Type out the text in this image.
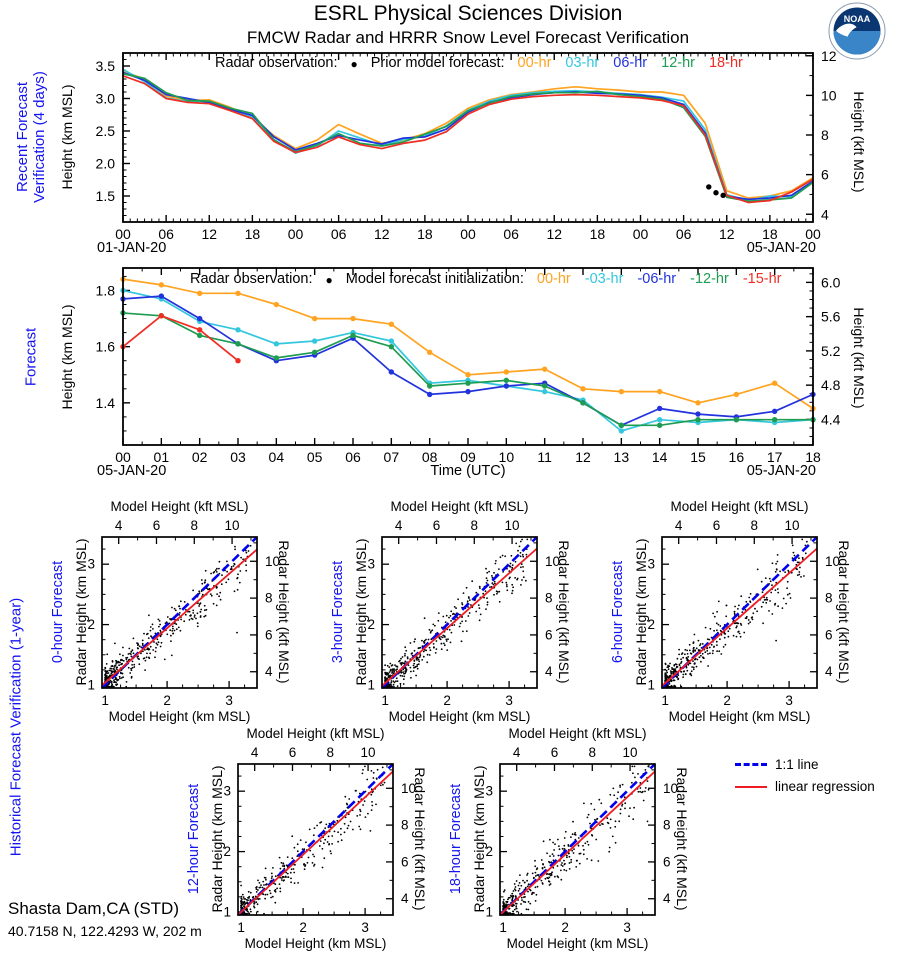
ESRL Physical Sciences Division
FMCW Radar and HRRR Snow Level Forecast Verification
NOAA
00 06 12 18 00 06 12 18 00 06 12 18 00 06 12 18 00
1.5
2.0
2.5
3.0
3.5
4
6
8
10
12
Radar observation: ● Prior model forecast: 00-hr 03-hr 06-hr 12-hr 18-hr
Recent Forecast
Verification (4 days) Height (km MSL)	Height (kft MSL)
01-JAN-20	05-JAN-20
00 01 02 03 04 05 06 07 08 09 10 11 12 13 14 15 16 17 18
1.4
1.6
1.8
4.4
4.8
5.2
5.6
6.0
Radar observation: ● Model forecast initialization: 00-hr -03-hr -06-hr -12-hr -15-hr
Forecast Height (km MSL)	Height (kft MSL)
05-JAN-20	Time (UTC)	05-JAN-20
Historical Forecast Verification (1-year)	1
1
2
2
3
3
4
4
6
6
8
8
10
10
Model Height (kft MSL)
Model Height (km MSL)
0-hour Forecast Radar Height (km MSL)	Radar Height (kft MSL)
1
1
2
2
3
3
4
4
6
6
8
8
10
10
Model Height (kft MSL)
Model Height (km MSL)
3-hour Forecast Radar Height (km MSL)	Radar Height (kft MSL)
1
1
2
2
3
3
4
4
6
6
8
8
10
10
Model Height (kft MSL)
Model Height (km MSL)
6-hour Forecast Radar Height (km MSL)	Radar Height (kft MSL)
1
1
2
2
3
3
4
4
6
6
8
8
10
10
Model Height (kft MSL)
Model Height (km MSL)
12-hour Forecast Radar Height (km MSL)	Radar Height (kft MSL)
1
1
2
2
3
3
4
4
6
6
8
8
10
10
Model Height (kft MSL)
Model Height (km MSL)
18-hour Forecast Radar Height (km MSL)	Radar Height (kft MSL)
1:1 line
linear regression
Shasta Dam,CA (STD)
40.7158 N, 122.4293 W, 202 m
